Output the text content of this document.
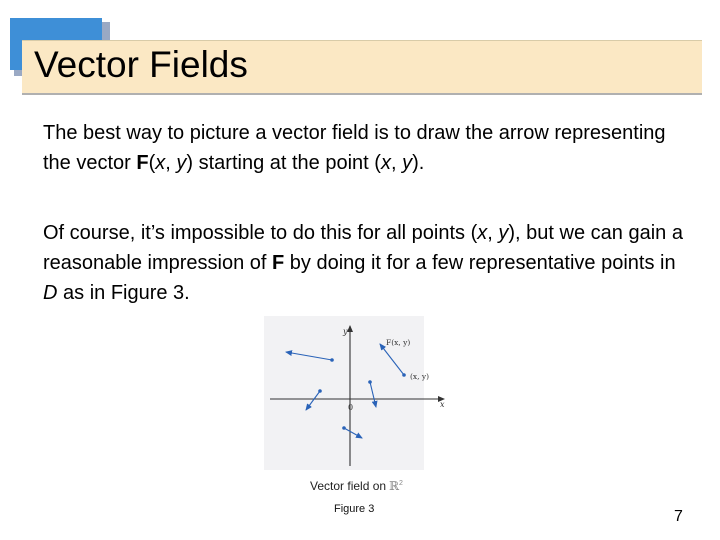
Vector Fields
The best way to picture a vector field is to draw the arrow representing the vector F(x, y) starting at the point (x, y).
Of course, it’s impossible to do this for all points (x, y), but we can gain a reasonable impression of F by doing it for a few representative points in D as in Figure 3.
y
x
0
F(x, y)
(x, y)
Vector field on ℝ$^2$
Figure 3	7
